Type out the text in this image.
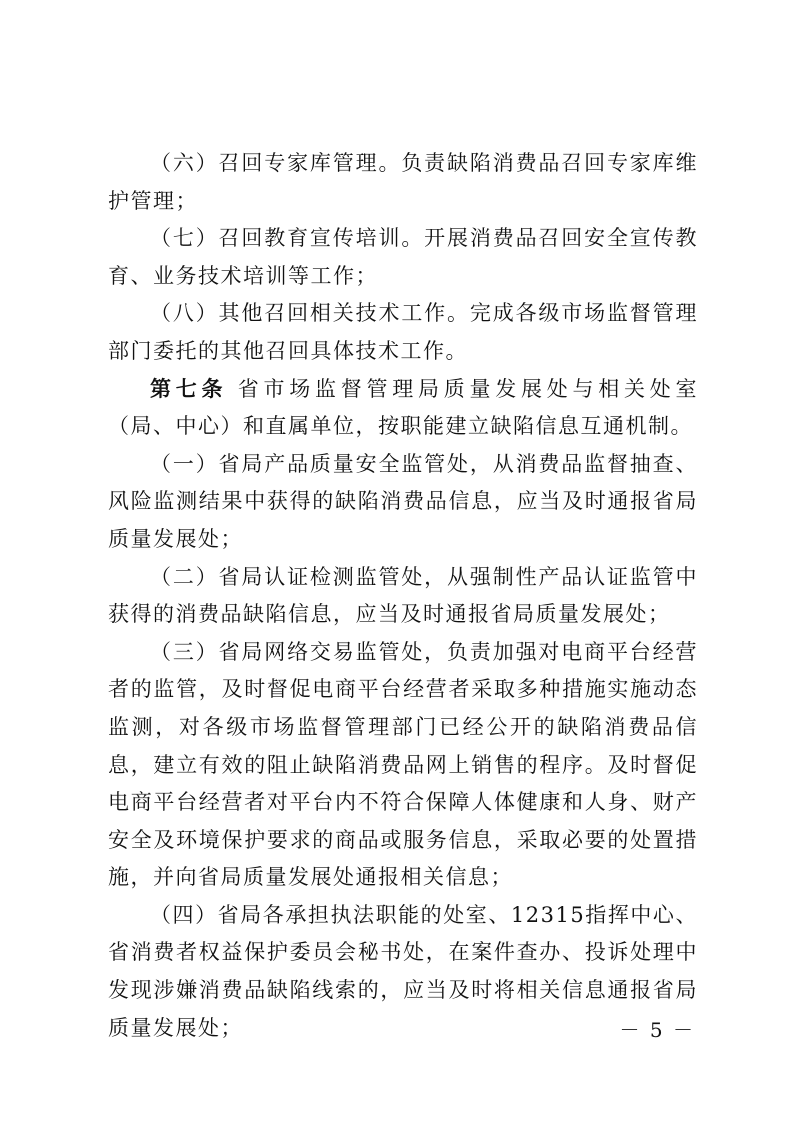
（六）召回专家库管理。负责缺陷消费品召回专家库维护管理；

（七）召回教育宣传培训。开展消费品召回安全宣传教育、业务技术培训等工作；

（八）其他召回相关技术工作。完成各级市场监督管理部门委托的其他召回具体技术工作。

第七条 省市场监督管理局质量发展处与相关处室（局、中心）和直属单位，按职能建立缺陷信息互通机制。

（一）省局产品质量安全监管处，从消费品监督抽查、风险监测结果中获得的缺陷消费品信息，应当及时通报省局质量发展处；

（二）省局认证检测监管处，从强制性产品认证监管中获得的消费品缺陷信息，应当及时通报省局质量发展处；

（三）省局网络交易监管处，负责加强对电商平台经营者的监管，及时督促电商平台经营者采取多种措施实施动态监测，对各级市场监督管理部门已经公开的缺陷消费品信息，建立有效的阻止缺陷消费品网上销售的程序。及时督促电商平台经营者对平台内不符合保障人体健康和人身、财产安全及环境保护要求的商品或服务信息，采取必要的处置措施，并向省局质量发展处通报相关信息；

（四）省局各承担执法职能的处室、12315指挥中心、省消费者权益保护委员会秘书处，在案件查办、投诉处理中发现涉嫌消费品缺陷线索的，应当及时将相关信息通报省局质量发展处；	－ 5 －
